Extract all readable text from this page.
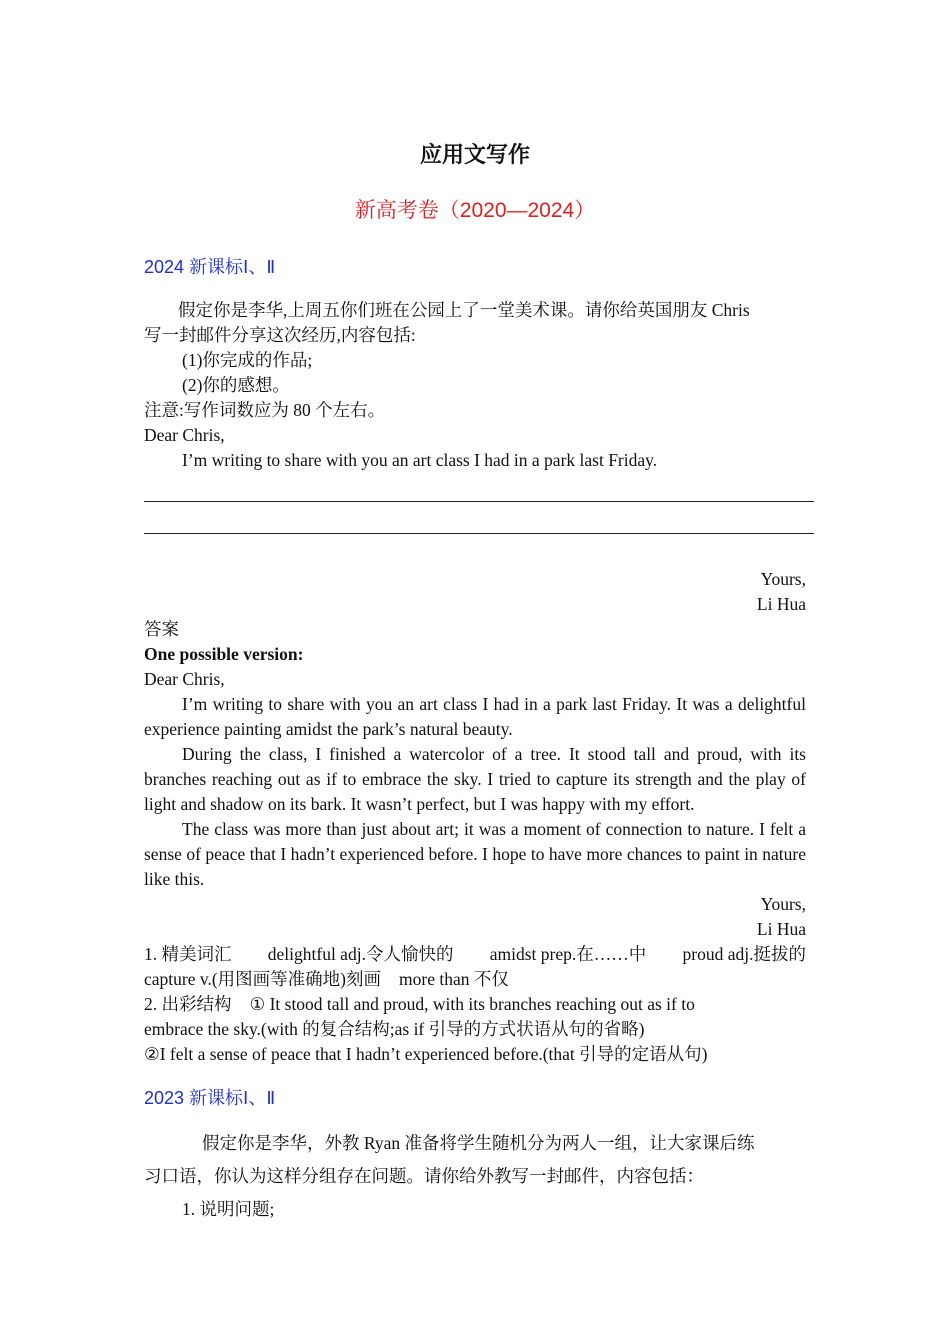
应用文写作
新高考卷（2020—2024）
2024 新课标Ⅰ、Ⅱ
假定你是李华,上周五你们班在公园上了一堂美术课。请你给英国朋友 Chris
写一封邮件分享这次经历,内容包括:
(1)你完成的作品;
(2)你的感想。
注意:写作词数应为 80 个左右。
Dear Chris,
I’m writing to share with you an art class I had in a park last Friday.
Yours,
Li Hua
答案
One possible version:
Dear Chris,
I’m writing to share with you an art class I had in a park last Friday. It was a delightful experience painting amidst the park’s natural beauty.
During the class, I finished a watercolor of a tree. It stood tall and proud, with its branches reaching out as if to embrace the sky. I tried to capture its strength and the play of light and shadow on its bark. It wasn’t perfect, but I was happy with my effort.
The class was more than just about art; it was a moment of connection to nature. I felt a sense of peace that I hadn’t experienced before. I hope to have more chances to paint in nature like this.
Yours,
Li Hua
1. 精美词汇 delightful adj.令人愉快的 amidst prep.在……中 proud adj.挺拔的
capture v.(用图画等准确地)刻画 more than 不仅
2. 出彩结构 ① It stood tall and proud, with its branches reaching out as if to
embrace the sky.(with 的复合结构;as if 引导的方式状语从句的省略)
②I felt a sense of peace that I hadn’t experienced before.(that 引导的定语从句)
2023 新课标Ⅰ、Ⅱ
假定你是李华，外教 Ryan 准备将学生随机分为两人一组，让大家课后练
习口语，你认为这样分组存在问题。请你给外教写一封邮件，内容包括：
1. 说明问题;
